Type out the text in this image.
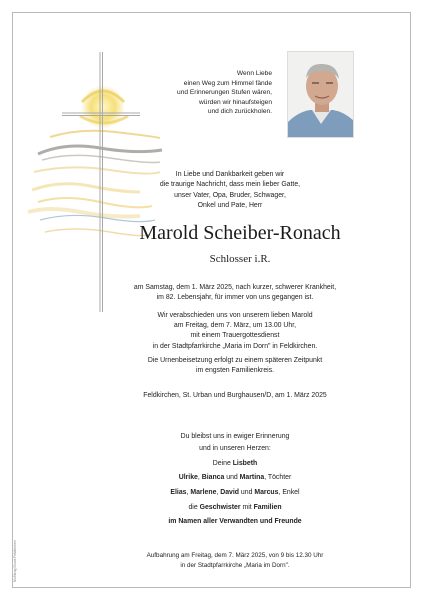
Wenn Liebe
einen Weg zum Himmel fände
und Erinnerungen Stufen wären,
würden wir hinaufsteigen
und dich zurückholen.
In Liebe und Dankbarkeit geben wir
die traurige Nachricht, dass mein lieber Gatte,
unser Vater, Opa, Bruder, Schwager,
Onkel und Pate, Herr
Marold Scheiber-Ronach
Schlosser i.R.
am Samstag, dem 1. März 2025, nach kurzer, schwerer Krankheit,
im 82. Lebensjahr, für immer von uns gegangen ist.
Wir verabschieden uns von unserem lieben Marold
am Freitag, dem 7. März, um 13.00 Uhr,
mit einem Trauergottesdienst
in der Stadtpfarrkirche „Maria im Dorn" in Feldkirchen.
Die Urnenbeisetzung erfolgt zu einem späteren Zeitpunkt
im engsten Familienkreis.
Feldkirchen, St. Urban und Burghausen/D, am 1. März 2025
Du bleibst uns in ewiger Erinnerung
und in unseren Herzen:
Deine Lisbeth
Ulrike, Bianca und Martina, Töchter
Elias, Marlene, David und Marcus, Enkel
die Geschwister mit Familien
im Namen aller Verwandten und Freunde
Aufbahrung am Freitag, dem 7. März 2025, von 9 bis 12.30 Uhr
in der Stadtpfarrkirche „Maria im Dorn".
Mußbrug Druck Feldkirchen
